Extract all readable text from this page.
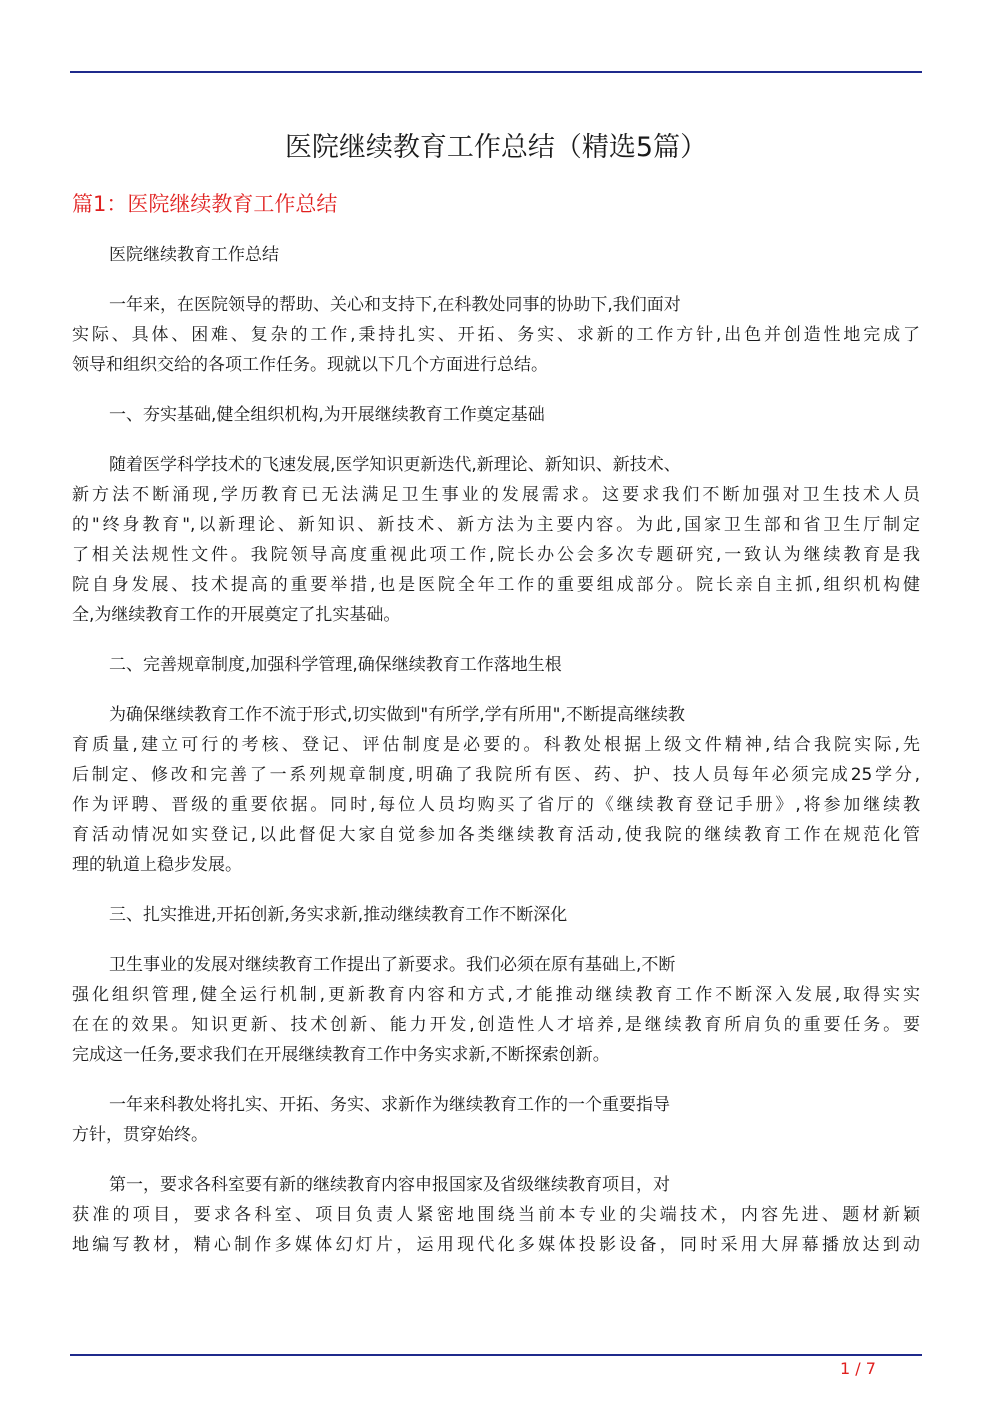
医院继续教育工作总结（精选5篇）
篇1：医院继续教育工作总结
医院继续教育工作总结
一年来，在医院领导的帮助、关心和支持下,在科教处同事的协助下,我们面对
实际、具体、困难、复杂的工作,秉持扎实、开拓、务实、求新的工作方针,出色并创造性地完成了
领导和组织交给的各项工作任务。现就以下几个方面进行总结。
一、夯实基础,健全组织机构,为开展继续教育工作奠定基础
随着医学科学技术的飞速发展,医学知识更新迭代,新理论、新知识、新技术、
新方法不断涌现,学历教育已无法满足卫生事业的发展需求。这要求我们不断加强对卫生技术人员
的"终身教育",以新理论、新知识、新技术、新方法为主要内容。为此,国家卫生部和省卫生厅制定
了相关法规性文件。我院领导高度重视此项工作,院长办公会多次专题研究,一致认为继续教育是我
院自身发展、技术提高的重要举措,也是医院全年工作的重要组成部分。院长亲自主抓,组织机构健
全,为继续教育工作的开展奠定了扎实基础。
二、完善规章制度,加强科学管理,确保继续教育工作落地生根
为确保继续教育工作不流于形式,切实做到"有所学,学有所用",不断提高继续教
育质量,建立可行的考核、登记、评估制度是必要的。科教处根据上级文件精神,结合我院实际,先
后制定、修改和完善了一系列规章制度,明确了我院所有医、药、护、技人员每年必须完成25学分,
作为评聘、晋级的重要依据。同时,每位人员均购买了省厅的《继续教育登记手册》,将参加继续教
育活动情况如实登记,以此督促大家自觉参加各类继续教育活动,使我院的继续教育工作在规范化管
理的轨道上稳步发展。
三、扎实推进,开拓创新,务实求新,推动继续教育工作不断深化
卫生事业的发展对继续教育工作提出了新要求。我们必须在原有基础上,不断
强化组织管理,健全运行机制,更新教育内容和方式,才能推动继续教育工作不断深入发展,取得实实
在在的效果。知识更新、技术创新、能力开发,创造性人才培养,是继续教育所肩负的重要任务。要
完成这一任务,要求我们在开展继续教育工作中务实求新,不断探索创新。
一年来科教处将扎实、开拓、务实、求新作为继续教育工作的一个重要指导
方针，贯穿始终。
第一，要求各科室要有新的继续教育内容申报国家及省级继续教育项目，对
获准的项目，要求各科室、项目负责人紧密地围绕当前本专业的尖端技术，内容先进、题材新颖
地编写教材，精心制作多媒体幻灯片，运用现代化多媒体投影设备，同时采用大屏幕播放达到动
1 / 7
